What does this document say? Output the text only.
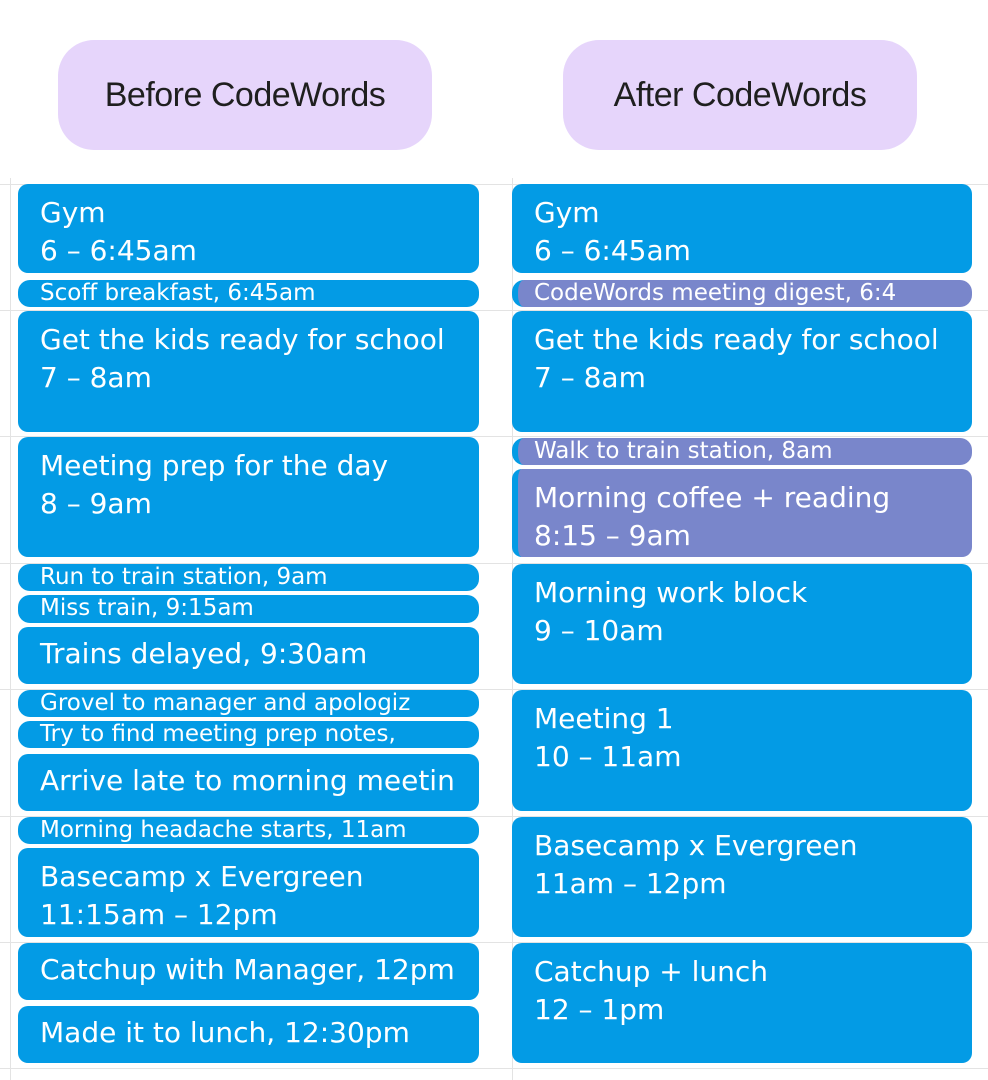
Before CodeWords	After CodeWords
Gym
6 – 6:45am
Scoff breakfast, 6:45am
Get the kids ready for school
7 – 8am
Meeting prep for the day
8 – 9am
Run to train station, 9am
Miss train, 9:15am
Trains delayed, 9:30am
Grovel to manager and apologiz
Try to find meeting prep notes,
Arrive late to morning meetin
Morning headache starts, 11am
Basecamp x Evergreen
11:15am – 12pm
Catchup with Manager, 12pm
Made it to lunch, 12:30pm
Gym
6 – 6:45am
CodeWords meeting digest, 6:4
Get the kids ready for school
7 – 8am
Walk to train station, 8am
Morning coffee + reading
8:15 – 9am
Morning work block
9 – 10am
Meeting 1
10 – 11am
Basecamp x Evergreen
11am – 12pm
Catchup + lunch
12 – 1pm
